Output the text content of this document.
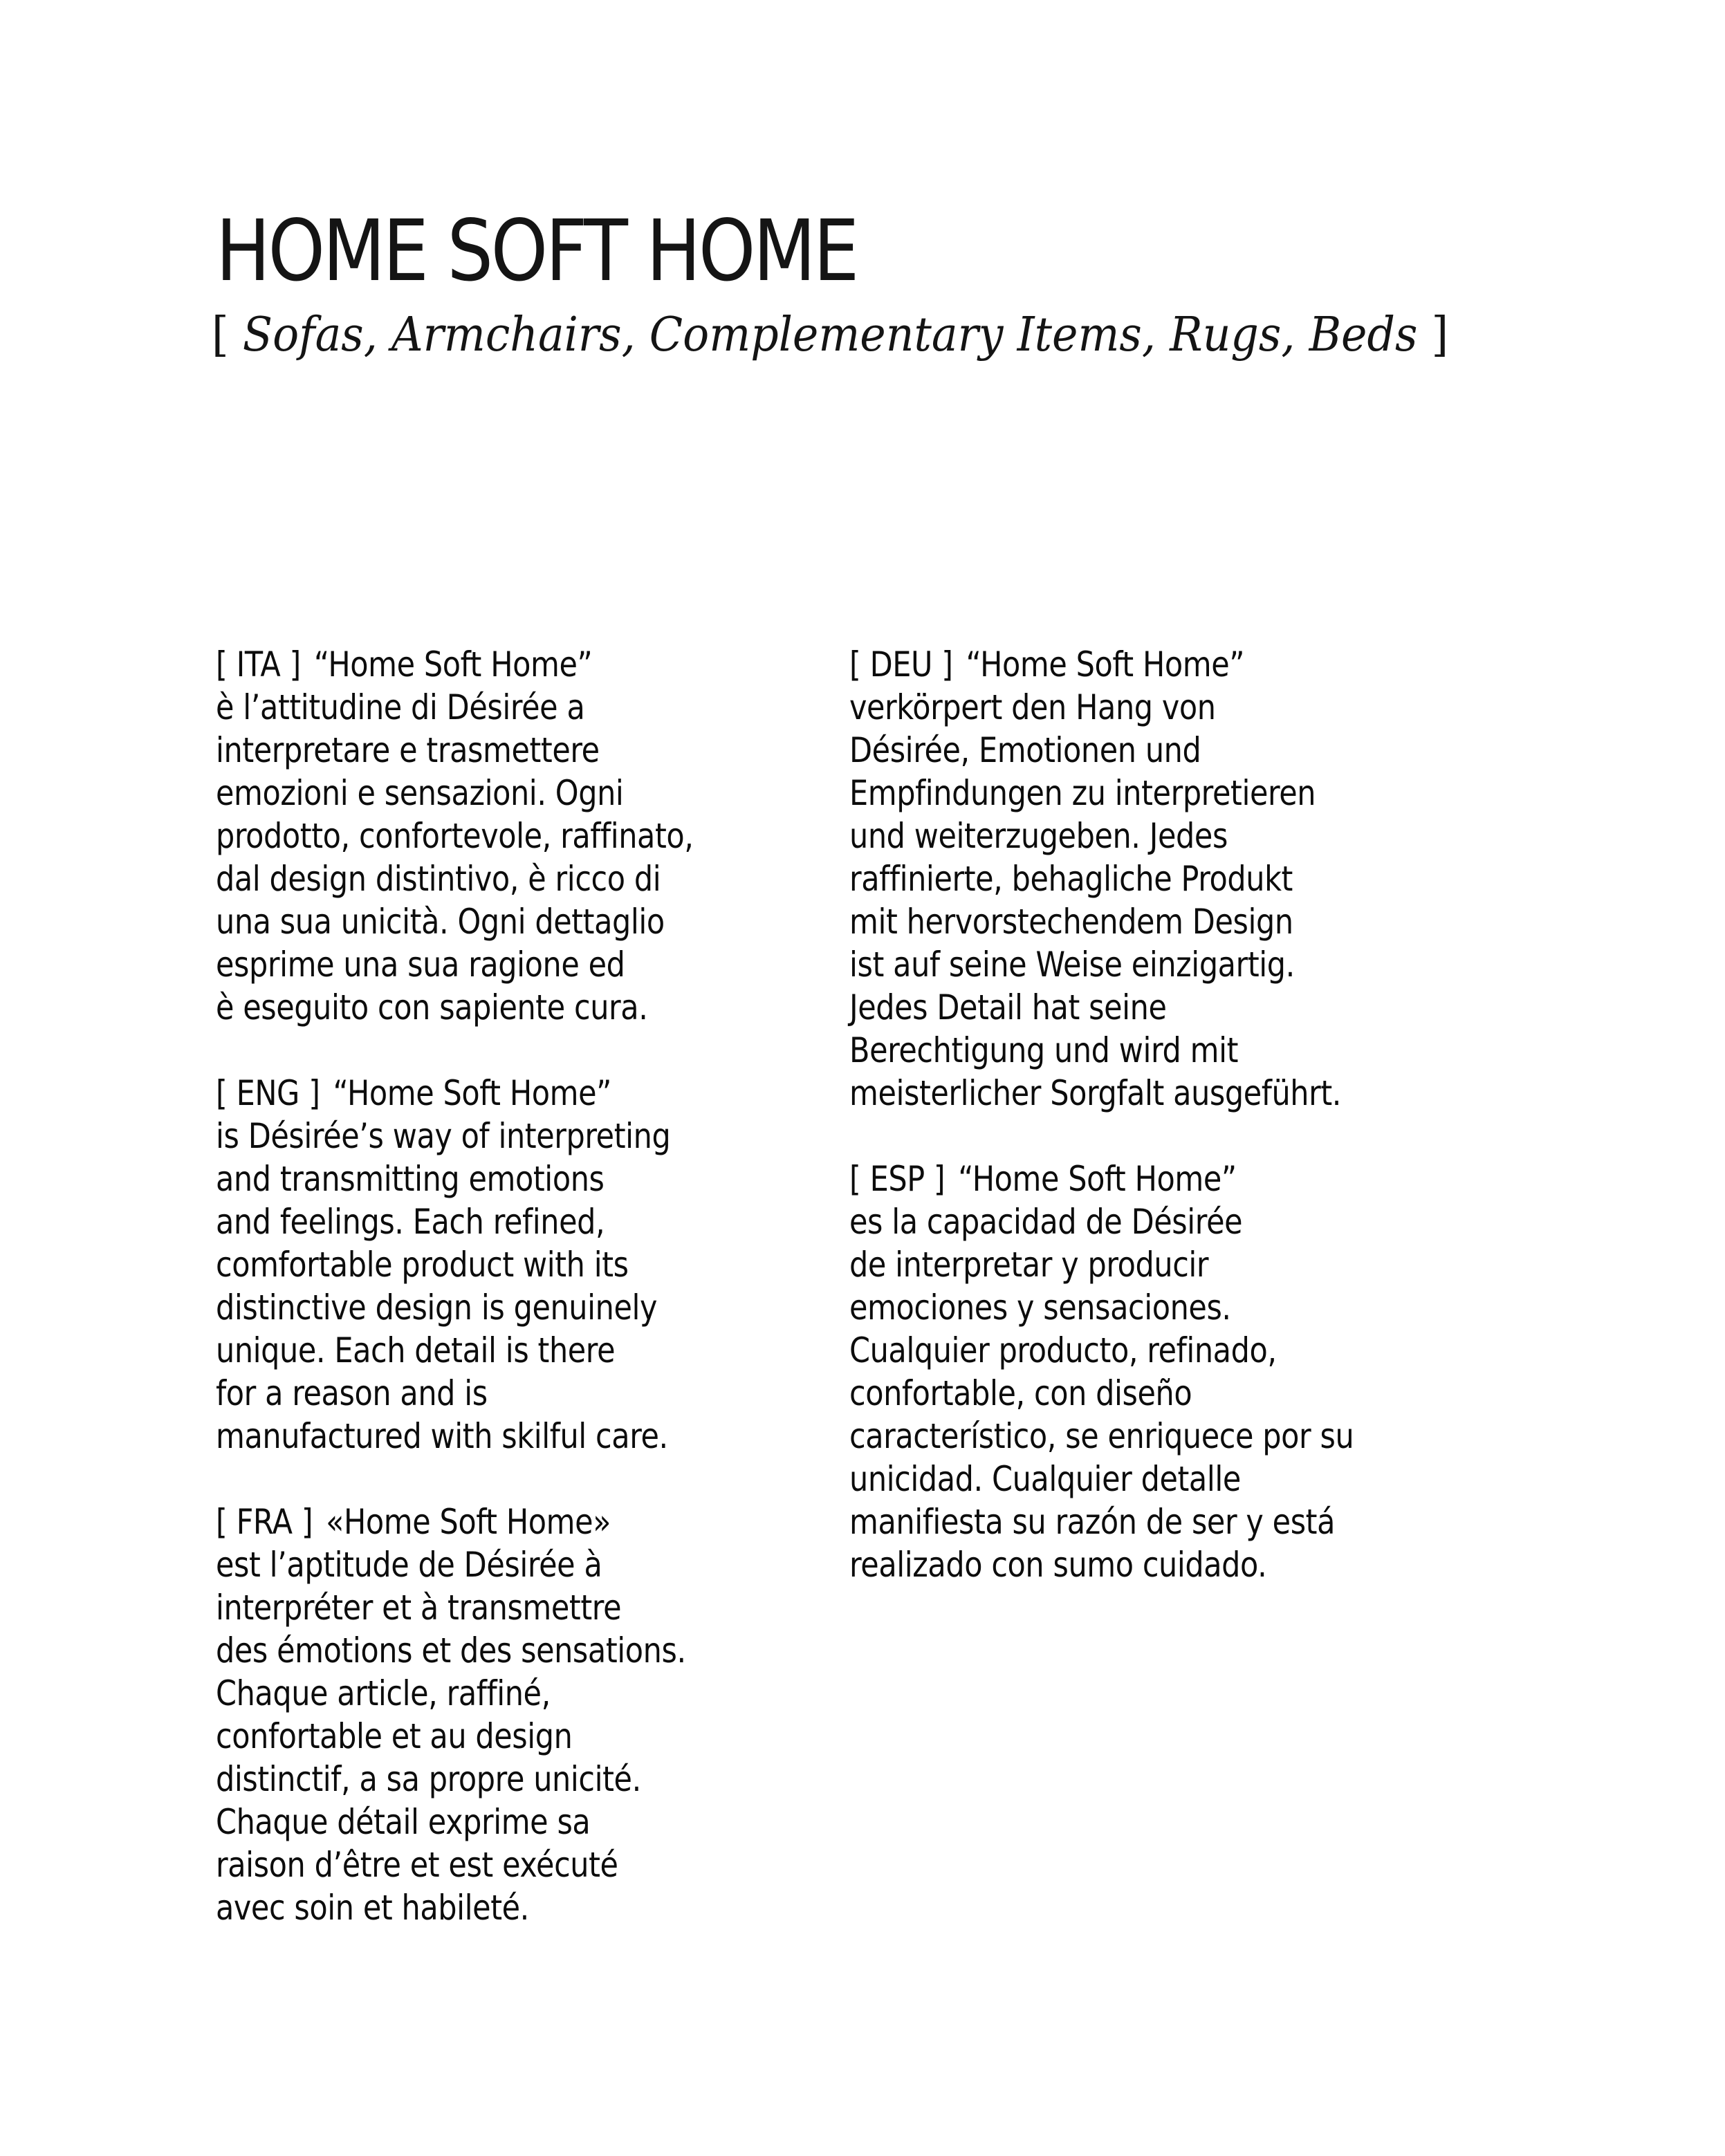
HOME SOFT HOME
[ Sofas, Armchairs, Complementary Items, Rugs, Beds ]
[ ITA ] “Home Soft Home”
è l’attitudine di Désirée a
interpretare e trasmettere
emozioni e sensazioni. Ogni
prodotto, confortevole, raffinato,
dal design distintivo, è ricco di
una sua unicità. Ogni dettaglio
esprime una sua ragione ed
è eseguito con sapiente cura.
[ ENG ] “Home Soft Home”
is Désirée’s way of interpreting
and transmitting emotions
and feelings. Each refined,
comfortable product with its
distinctive design is genuinely
unique. Each detail is there
for a reason and is
manufactured with skilful care.
[ FRA ] «Home Soft Home»
est l’aptitude de Désirée à
interpréter et à transmettre
des émotions et des sensations.
Chaque article, raffiné,
confortable et au design
distinctif, a sa propre unicité.
Chaque détail exprime sa
raison d’être et est exécuté
avec soin et habileté.
[ DEU ] “Home Soft Home”
verkörpert den Hang von
Désirée, Emotionen und
Empfindungen zu interpretieren
und weiterzugeben. Jedes
raffinierte, behagliche Produkt
mit hervorstechendem Design
ist auf seine Weise einzigartig.
Jedes Detail hat seine
Berechtigung und wird mit
meisterlicher Sorgfalt ausgeführt.
[ ESP ] “Home Soft Home”
es la capacidad de Désirée
de interpretar y producir
emociones y sensaciones.
Cualquier producto, refinado,
confortable, con diseño
característico, se enriquece por su
unicidad. Cualquier detalle
manifiesta su razón de ser y está
realizado con sumo cuidado.
